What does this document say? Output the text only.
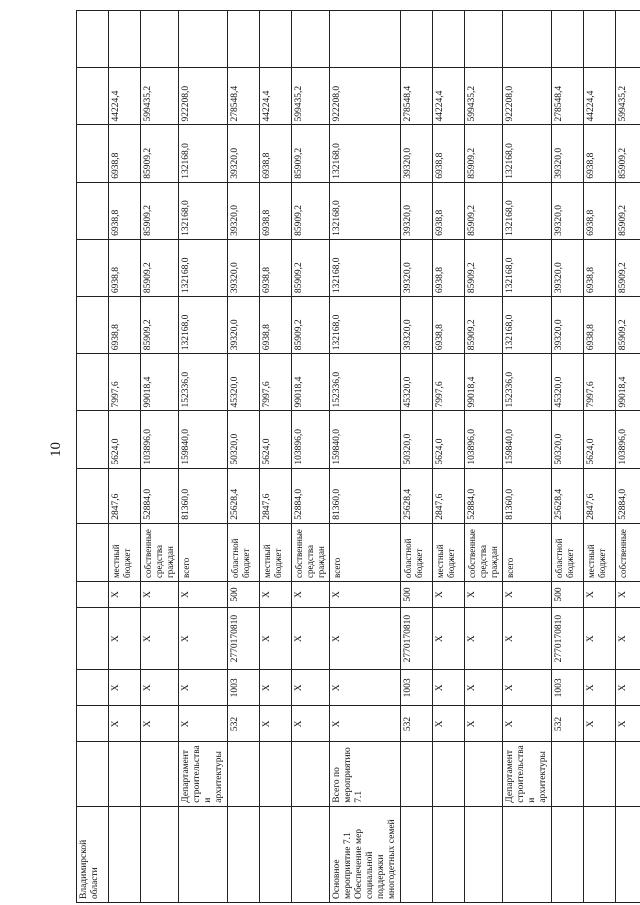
10
Владимирской области															
		X	X	X	X	местный бюджет	2847,6	5624,0	7997,6	6938,8	6938,8	6938,8	6938,8	44224,4	
		X	X	X	X	собственные средства граждан	52884,0	103896,0	99018,4	85909,2	85909,2	85909,2	85909,2	599435,2	
	Департамент строительства и архитектуры	X	X	X	X	всего	81360,0	159840,0	152336,0	132168,0	132168,0	132168,0	132168,0	922208,0	
		532	1003	2770170810	500	областной бюджет	25628,4	50320,0	45320,0	39320,0	39320,0	39320,0	39320,0	278548,4	
		X	X	X	X	местный бюджет	2847,6	5624,0	7997,6	6938,8	6938,8	6938,8	6938,8	44224,4	
		X	X	X	X	собственные средства граждан	52884,0	103896,0	99018,4	85909,2	85909,2	85909,2	85909,2	599435,2	
Основное мероприятие 7.1 Обеспечение мер социальной поддержки многодетных семей	Всего по мероприятию 7.1	X	X	X	X	всего	81360,0	159840,0	152336,0	132168,0	132168,0	132168,0	132168,0	922208,0	
		532	1003	2770170810	500	областной бюджет	25628,4	50320,0	45320,0	39320,0	39320,0	39320,0	39320,0	278548,4	
		X	X	X	X	местный бюджет	2847,6	5624,0	7997,6	6938,8	6938,8	6938,8	6938,8	44224,4	
		X	X	X	X	собственные средства граждан	52884,0	103896,0	99018,4	85909,2	85909,2	85909,2	85909,2	599435,2	
	Департамент строительства и архитектуры	X	X	X	X	всего	81360,0	159840,0	152336,0	132168,0	132168,0	132168,0	132168,0	922208,0	
		532	1003	2770170810	500	областной бюджет	25628,4	50320,0	45320,0	39320,0	39320,0	39320,0	39320,0	278548,4	
		X	X	X	X	местный бюджет	2847,6	5624,0	7997,6	6938,8	6938,8	6938,8	6938,8	44224,4	
		X	X	X	X	собственные	52884,0	103896,0	99018,4	85909,2	85909,2	85909,2	85909,2	599435,2	
